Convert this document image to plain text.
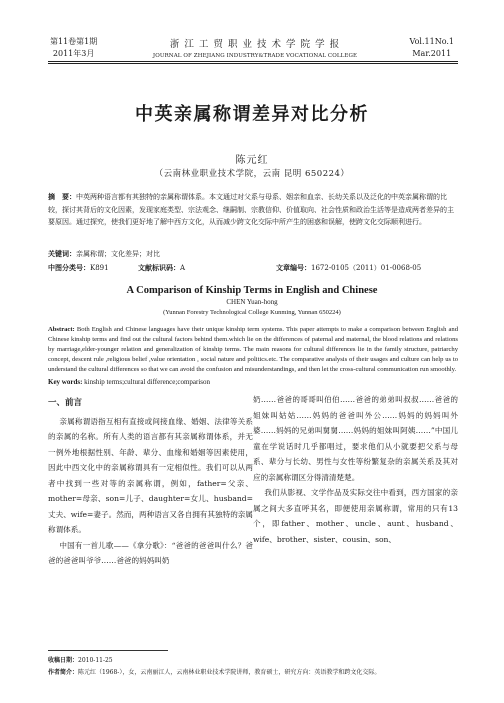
第11卷第1期
2011年3月
浙 江 工 贸 职 业 技 术 学 院 学 报
JOURNAL OF ZHEJIANG INDUSTRY&TRADE VOCATIONAL COLLEGE
Vol.11No.1
Mar.2011
中英亲属称谓差异对比分析
陈元红
（云南林业职业技术学院，云南 昆明 650224）
摘　要：中英两种语言都有其独特的亲属称谓体系。本文通过对父系与母系、姻亲和血亲、长幼关系以及泛化的中英亲属称谓的比较，探讨其背后的文化因素，发现家庭类型、宗法观念、继嗣制、宗教信仰、价值取向、社会性质和政治生活等是造成两者差异的主要原因。通过探究，使我们更好地了解中西方文化，从而减少跨文化交际中所产生的困惑和误解，使跨文化交际顺利进行。
关键词：亲属称谓；文化差异；对比
中图分类号：K891	文献标识码：A	文章编号：1672-0105（2011）01-0068-05
A Comparison of Kinship Terms in English and Chinese
CHEN Yuan-hong
(Yunnan Forestry Technological College Kunming, Yunnan 650224)
Abstract: Both English and Chinese languages have their unique kinship term systems. This paper attempts to make a comparison between English and Chinese kinship terms and find out the cultural factors behind them.which lie on the differences of paternal and maternal, the blood relations and relations by marriage,elder-younger relation and generalization of kinship terms. The main reasons for cultural differences lie in the family structure, patriarchy concept, descent rule ,religious belief ,value orientation , social nature and politics.etc. The comparative analysis of their usages and culture can help us to understand the cultural differences so that we can avoid the confusion and misunderstandings, and then let the cross-cultural communication run smoothly.
Key words: kinship terms;cultural difference;comparison
一、前言

亲属称谓语指互相有直接或间接血缘、婚姻、法律等关系的亲属的名称。所有人类的语言都有其亲属称谓体系，并无一例外地根据性别、年龄、辈分、血缘和婚姻等因素使用，因此中西文化中的亲属称谓具有一定相似性。我们可以从两者中找到一些对等的亲属称谓，例如，father=父亲、mother=母亲、son=儿子、daughter=女儿、husband=丈夫、wife=妻子。然而，两种语言又各自拥有其独特的亲属称谓体系。

中国有一首儿歌——《拿分歌》：“爸爸的爸爸叫什么？爸爸的爸爸叫爷爷……爸爸的妈妈叫奶

奶……爸爸的哥哥叫伯伯……爸爸的弟弟叫叔叔……爸爸的姐妹叫姑姑……妈妈的爸爸叫外公……妈妈的妈妈叫外婆……妈妈的兄弟叫舅舅……妈妈的姐妹叫阿姨……”中国儿童在学说话时几乎都唱过，要求他们从小就要把父系与母系、辈分与长幼、男性与女性等纷繁复杂的亲属关系及其对应的亲属称谓区分得清清楚楚。

我们从影视、文学作品及实际交往中看到，西方国家的亲属之间大多直呼其名，即便使用亲属称谓，常用的只有13个，即father、mother、uncle、aunt、husband、wife、brother、sister、cousin、son、

收稿日期：2010-11-25
作者简介：陈元红（1968-），女，云南丽江人，云南林业职业技术学院讲师，教育硕士，研究方向：英语教学和跨文化交际。
